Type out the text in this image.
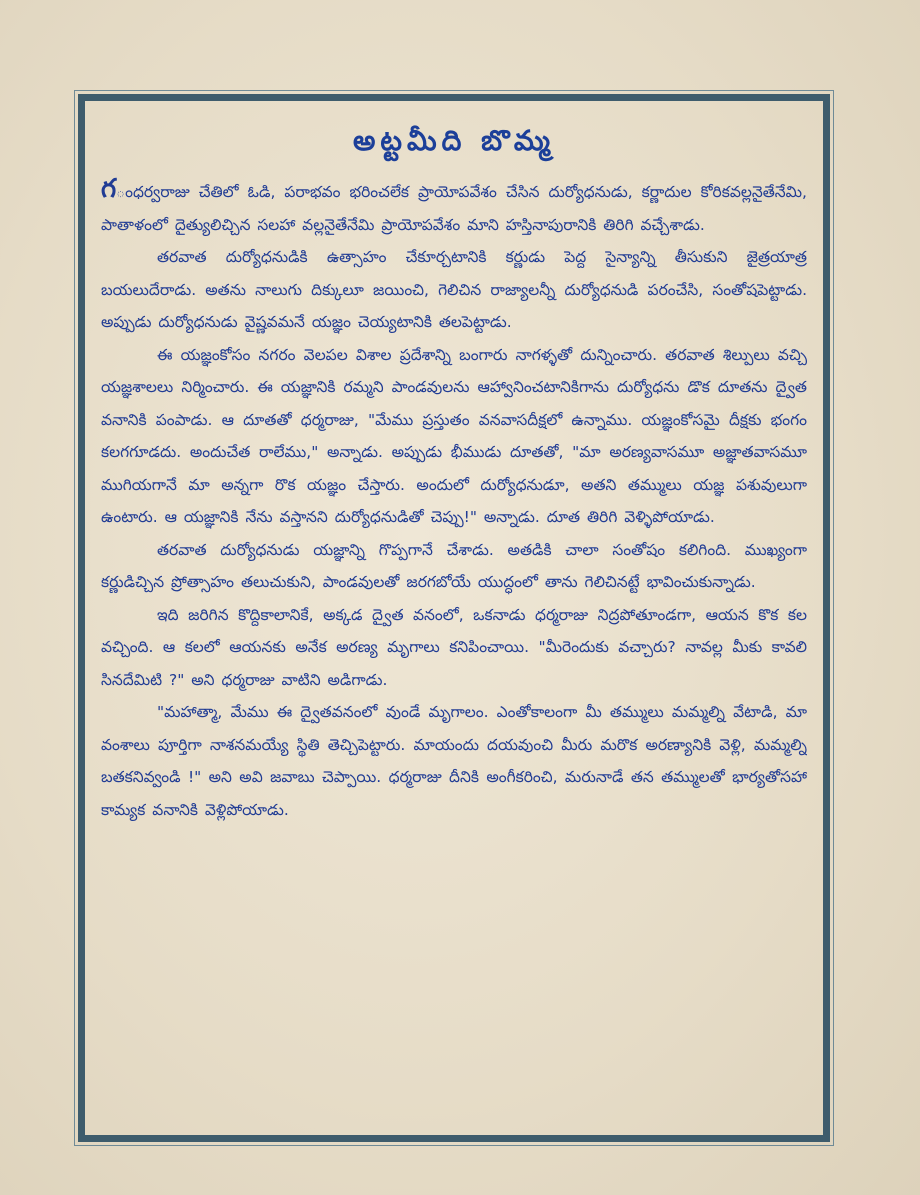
అట్టమీది బొమ్మ

గంధర్వరాజు చేతిలో ఓడి, పరాభవం భరించలేక ప్రాయోపవేశం చేసిన దుర్యోధనుడు, కర్ణాదుల కోరికవల్లనైతేనేమి, పాతాళంలో దైత్యులిచ్చిన సలహా వల్లనైతేనేమి ప్రాయోపవేశం మాని హస్తినాపురానికి తిరిగి వచ్చేశాడు.

తరవాత దుర్యోధనుడికి ఉత్సాహం చేకూర్చటానికి కర్ణుడు పెద్ద సైన్యాన్ని తీసుకుని జైత్రయాత్ర బయలుదేరాడు. అతను నాలుగు దిక్కులూ జయించి, గెలిచిన రాజ్యాలన్నీ దుర్యోధనుడి పరంచేసి, సంతోషపెట్టాడు. అప్పుడు దుర్యోధనుడు వైష్ణవమనే యజ్ఞం చెయ్యటానికి తలపెట్టాడు.

ఈ యజ్ఞంకోసం నగరం వెలపల విశాల ప్రదేశాన్ని బంగారు నాగళ్ళతో దున్నించారు. తరవాత శిల్పులు వచ్చి యజ్ఞశాలలు నిర్మించారు. ఈ యజ్ఞానికి రమ్మని పాండవులను ఆహ్వానించటానికిగాను దుర్యోధను డొక దూతను ద్వైత వనానికి పంపాడు. ఆ దూతతో ధర్మరాజు, "మేము ప్రస్తుతం వనవాసదీక్షలో ఉన్నాము. యజ్ఞంకోసమై దీక్షకు భంగం కలగగూడదు. అందుచేత రాలేము," అన్నాడు. అప్పుడు భీముడు దూతతో, "మా అరణ్యవాసమూ అజ్ఞాతవాసమూ ముగియగానే మా అన్నగా రొక యజ్ఞం చేస్తారు. అందులో దుర్యోధనుడూ, అతని తమ్ములు యజ్ఞ పశువులుగా ఉంటారు. ఆ యజ్ఞానికి నేను వస్తానని దుర్యోధనుడితో చెప్పు!" అన్నాడు. దూత తిరిగి వెళ్ళిపోయాడు.

తరవాత దుర్యోధనుడు యజ్ఞాన్ని గొప్పగానే చేశాడు. అతడికి చాలా సంతోషం కలిగింది. ముఖ్యంగా కర్ణుడిచ్చిన ప్రోత్సాహం తలుచుకుని, పాండవులతో జరగబోయే యుద్ధంలో తాను గెలిచినట్టే భావించుకున్నాడు.

ఇది జరిగిన కొద్దికాలానికే, అక్కడ ద్వైత వనంలో, ఒకనాడు ధర్మరాజు నిద్రపోతూండగా, ఆయన కొక కల వచ్చింది. ఆ కలలో ఆయనకు అనేక అరణ్య మృగాలు కనిపించాయి. "మీరెందుకు వచ్చారు? నావల్ల మీకు కావలి సినదేమిటి ?" అని ధర్మరాజు వాటిని అడిగాడు.

"మహాత్మా, మేము ఈ ద్వైతవనంలో వుండే మృగాలం. ఎంతోకాలంగా మీ తమ్ములు మమ్మల్ని వేటాడి, మా వంశాలు పూర్తిగా నాశనమయ్యే స్థితి తెచ్చిపెట్టారు. మాయందు దయవుంచి మీరు మరొక అరణ్యానికి వెళ్లి, మమ్మల్ని బతకనివ్వండి !" అని అవి జవాబు చెప్పాయి. ధర్మరాజు దీనికి అంగీకరించి, మరునాడే తన తమ్ములతో భార్యతోసహా కామ్యక వనానికి వెళ్లిపోయాడు.
